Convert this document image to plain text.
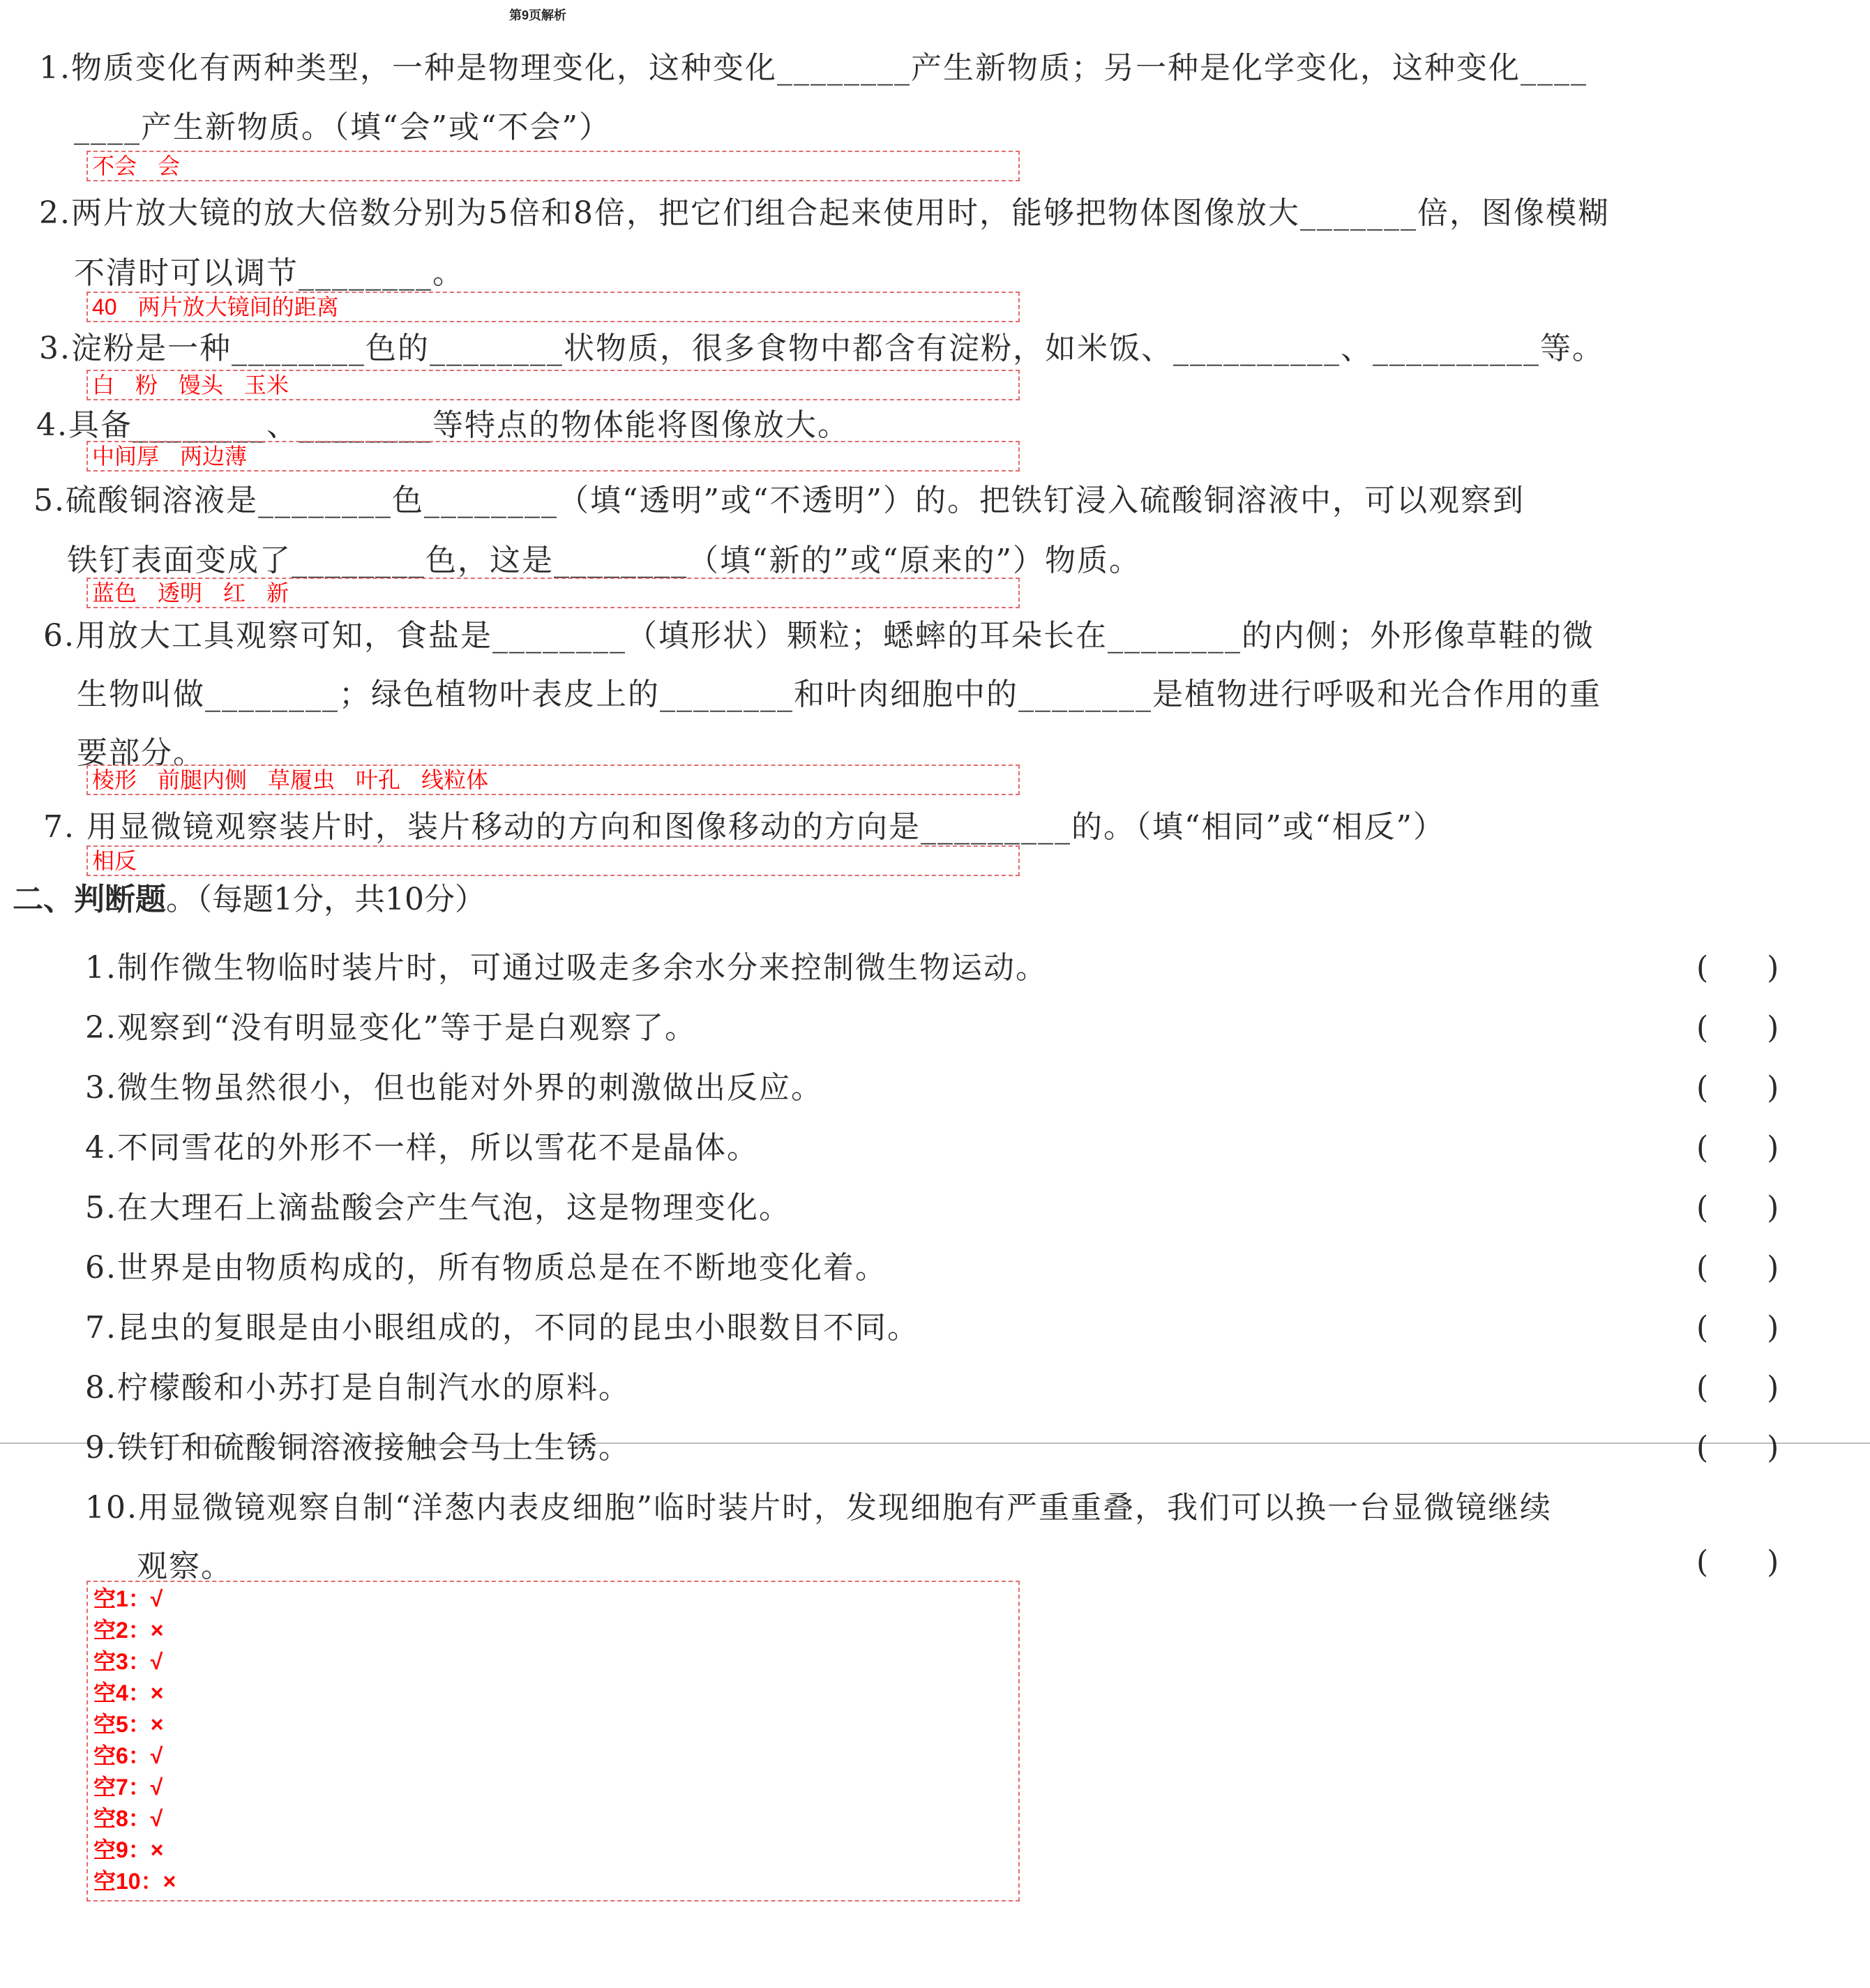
第9页解析
1.物质变化有两种类型，一种是物理变化，这种变化________产生新物质；另一种是化学变化，这种变化____
____产生新物质。（填“会”或“不会”）
不会 会
2.两片放大镜的放大倍数分别为5倍和8倍，把它们组合起来使用时，能够把物体图像放大_______倍，图像模糊
不清时可以调节________。
40 两片放大镜间的距离
3.淀粉是一种________色的________状物质，很多食物中都含有淀粉，如米饭、__________、__________等。
白 粉 馒头 玉米
4.具备________、________等特点的物体能将图像放大。
中间厚 两边薄
5.硫酸铜溶液是________色________（填“透明”或“不透明”）的。把铁钉浸入硫酸铜溶液中，可以观察到
铁钉表面变成了________色，这是________（填“新的”或“原来的”）物质。
蓝色 透明 红 新
6.用放大工具观察可知，食盐是________（填形状）颗粒；蟋蟀的耳朵长在________的内侧；外形像草鞋的微
生物叫做________；绿色植物叶表皮上的________和叶肉细胞中的________是植物进行呼吸和光合作用的重
要部分。
棱形 前腿内侧 草履虫 叶孔 线粒体
7. 用显微镜观察装片时，装片移动的方向和图像移动的方向是_________的。（填“相同”或“相反”）
相反
二、判断题。（每题1分，共10分）
1.制作微生物临时装片时，可通过吸走多余水分来控制微生物运动。	(      )
2.观察到“没有明显变化”等于是白观察了。	(      )
3.微生物虽然很小，但也能对外界的刺激做出反应。	(      )
4.不同雪花的外形不一样，所以雪花不是晶体。	(      )
5.在大理石上滴盐酸会产生气泡，这是物理变化。	(      )
6.世界是由物质构成的，所有物质总是在不断地变化着。	(      )
7.昆虫的复眼是由小眼组成的，不同的昆虫小眼数目不同。	(      )
8.柠檬酸和小苏打是自制汽水的原料。	(      )
9.铁钉和硫酸铜溶液接触会马上生锈。	(      )
10.用显微镜观察自制“洋葱内表皮细胞”临时装片时，发现细胞有严重重叠，我们可以换一台显微镜继续
观察。	(      )
空1：√
空2：×
空3：√
空4：×
空5：×
空6：√
空7：√
空8：√
空9：×
空10：×
